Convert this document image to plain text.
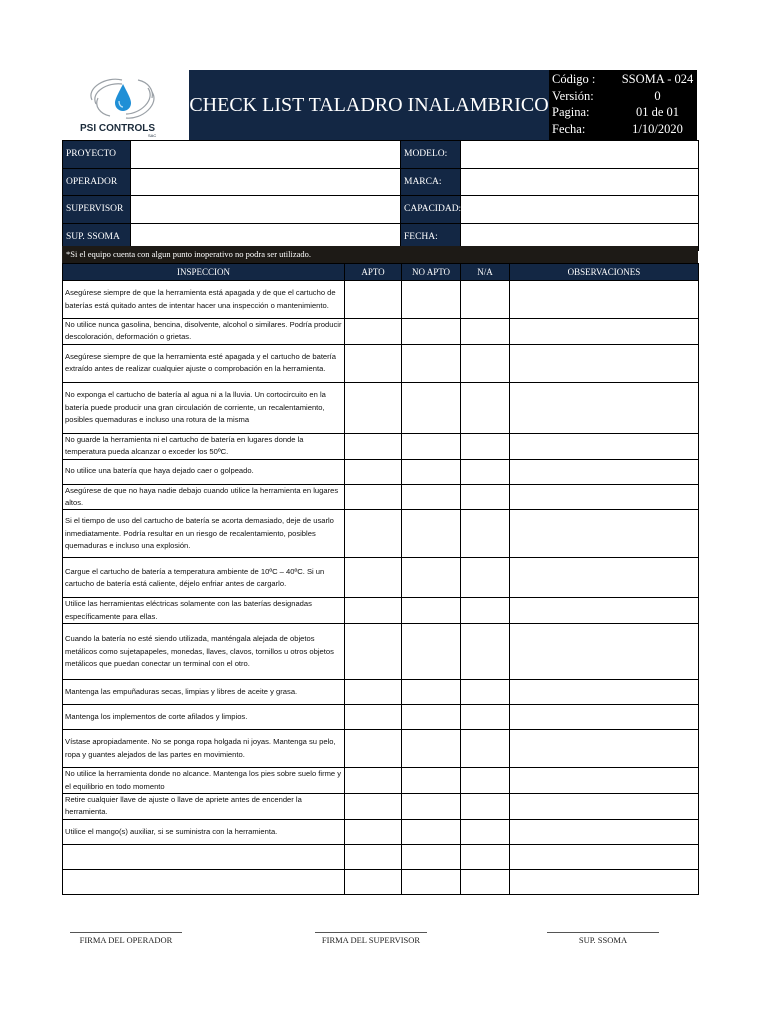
PSI CONTROLS
SAC
CHECK LIST TALADRO INALAMBRICO
Código :	SSOMA - 024
Versión:	0
Pagina:	01 de 01
Fecha:	1/10/2020
PROYECTO		MODELO:	
OPERADOR		MARCA:	
SUPERVISOR		CAPACIDAD:	
SUP. SSOMA		FECHA:	
*Si el equipo cuenta con algun punto inoperativo no podra ser utilizado.
INSPECCION	APTO	NO APTO	N/A	OBSERVACIONES
Asegúrese siempre de que la herramienta está apagada y de que el cartucho de baterías está quitado antes de intentar hacer una inspección o mantenimiento.				
No utilice nunca gasolina, bencina, disolvente, alcohol o similares. Podría producir descoloración, deformación o grietas.				
Asegúrese siempre de que la herramienta esté apagada y el cartucho de batería extraído antes de realizar cualquier ajuste o comprobación en la herramienta.				
No exponga el cartucho de batería al agua ni a la lluvia. Un cortocircuito en la batería puede producir una gran circulación de corriente, un recalentamiento, posibles quemaduras e incluso una rotura de la misma				
No guarde la herramienta ni el cartucho de batería en lugares donde la temperatura pueda alcanzar o exceder los 50ºC.				
No utilice una batería que haya dejado caer o golpeado.				
Asegúrese de que no haya nadie debajo cuando utilice la herramienta en lugares altos.				
Si el tiempo de uso del cartucho de batería se acorta demasiado, deje de usarlo inmediatamente. Podría resultar en un riesgo de recalentamiento, posibles quemaduras e incluso una explosión.				
Cargue el cartucho de batería a temperatura ambiente de 10ºC – 40ºC. Si un cartucho de batería está caliente, déjelo enfriar antes de cargarlo.				
Utilice las herramientas eléctricas solamente con las baterías designadas específicamente para ellas.				
Cuando la batería no esté siendo utilizada, manténgala alejada de objetos metálicos como sujetapapeles, monedas, llaves, clavos, tornillos u otros objetos metálicos que puedan conectar un terminal con el otro.				
Mantenga las empuñaduras secas, limpias y libres de aceite y grasa.				
Mantenga los implementos de corte afilados y limpios.				
Vístase apropiadamente. No se ponga ropa holgada ni joyas. Mantenga su pelo, ropa y guantes alejados de las partes en movimiento.				
No utilice la herramienta donde no alcance. Mantenga los pies sobre suelo firme y el equilibrio en todo momento				
Retire cualquier llave de ajuste o llave de apriete antes de encender la herramienta.				
Utilice el mango(s) auxiliar, si se suministra con la herramienta.				

FIRMA DEL OPERADOR	FIRMA DEL SUPERVISOR	SUP. SSOMA
